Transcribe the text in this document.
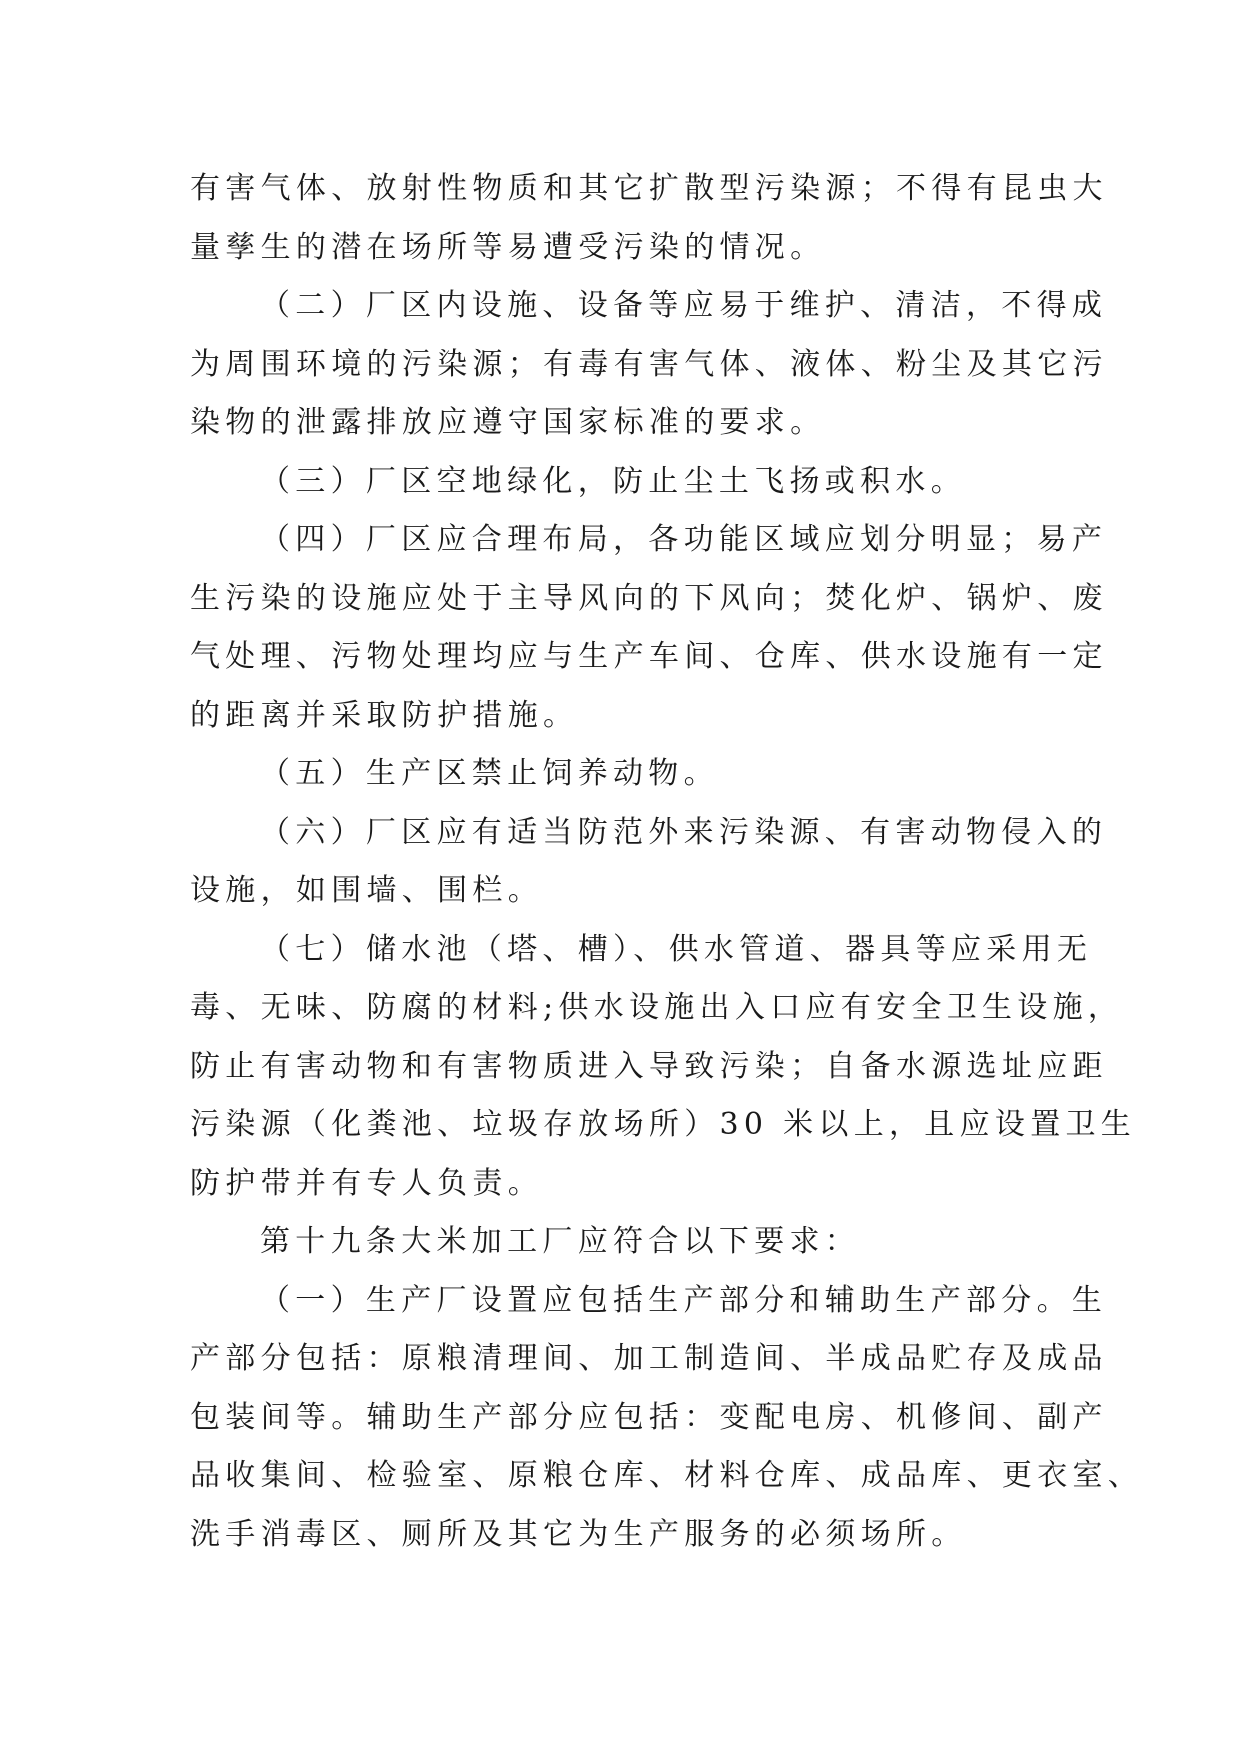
有害气体、放射性物质和其它扩散型污染源；不得有昆虫大
量孳生的潜在场所等易遭受污染的情况。

（二）厂区内设施、设备等应易于维护、清洁，不得成
为周围环境的污染源；有毒有害气体、液体、粉尘及其它污
染物的泄露排放应遵守国家标准的要求。

（三）厂区空地绿化，防止尘土飞扬或积水。

（四）厂区应合理布局，各功能区域应划分明显；易产
生污染的设施应处于主导风向的下风向；焚化炉、锅炉、废
气处理、污物处理均应与生产车间、仓库、供水设施有一定
的距离并采取防护措施。

（五）生产区禁止饲养动物。

（六）厂区应有适当防范外来污染源、有害动物侵入的
设施，如围墙、围栏。

（七）储水池（塔、槽）、供水管道、器具等应采用无
毒、无味、防腐的材料;供水设施出入口应有安全卫生设施，
防止有害动物和有害物质进入导致污染；自备水源选址应距
污染源（化粪池、垃圾存放场所）30 米以上，且应设置卫生
防护带并有专人负责。

第十九条大米加工厂应符合以下要求：

（一）生产厂设置应包括生产部分和辅助生产部分。生
产部分包括：原粮清理间、加工制造间、半成品贮存及成品
包装间等。辅助生产部分应包括：变配电房、机修间、副产
品收集间、检验室、原粮仓库、材料仓库、成品库、更衣室、
洗手消毒区、厕所及其它为生产服务的必须场所。
